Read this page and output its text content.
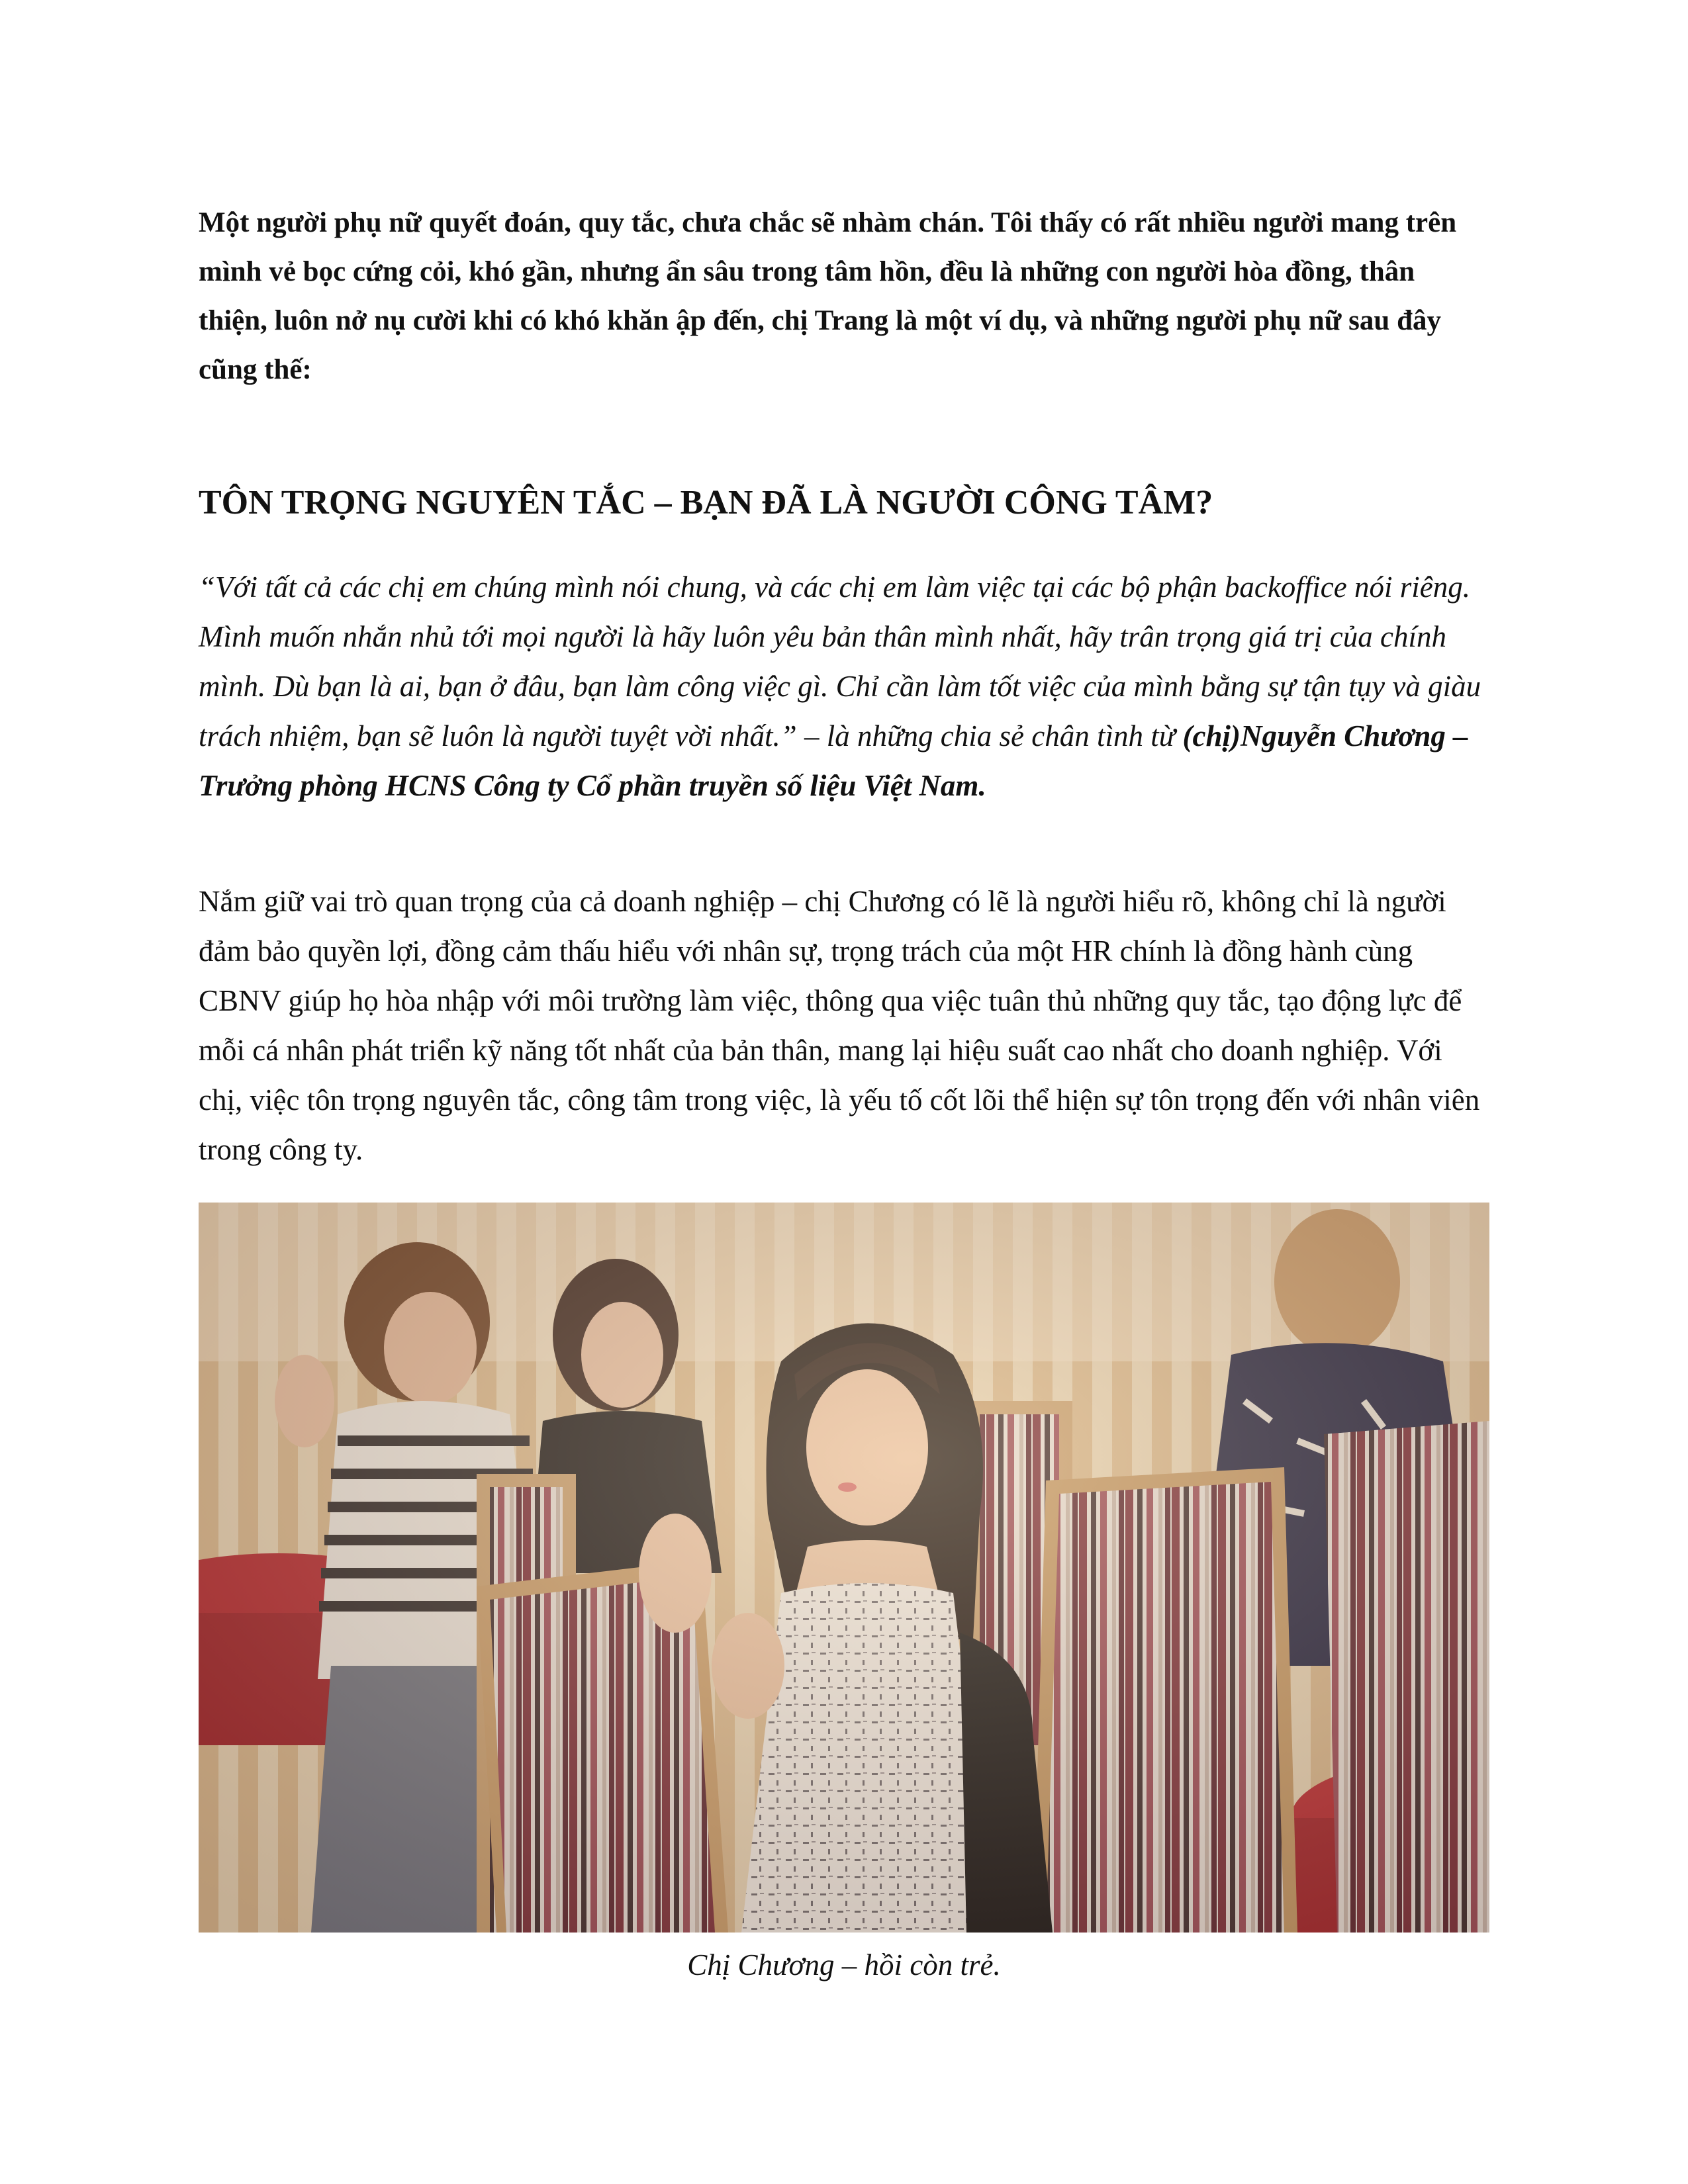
Một người phụ nữ quyết đoán, quy tắc, chưa chắc sẽ nhàm chán. Tôi thấy có rất nhiều người mang trên mình vẻ bọc cứng cỏi, khó gần, nhưng ẩn sâu trong tâm hồn, đều là những con người hòa đồng, thân thiện, luôn nở nụ cười khi có khó khăn ập đến, chị Trang là một ví dụ, và những người phụ nữ sau đây cũng thế:

TÔN TRỌNG NGUYÊN TẮC – BẠN ĐÃ LÀ NGƯỜI CÔNG TÂM?

“Với tất cả các chị em chúng mình nói chung, và các chị em làm việc tại các bộ phận backoffice nói riêng. Mình muốn nhắn nhủ tới mọi người là hãy luôn yêu bản thân mình nhất, hãy trân trọng giá trị của chính mình. Dù bạn là ai, bạn ở đâu, bạn làm công việc gì. Chỉ cần làm tốt việc của mình bằng sự tận tụy và giàu trách nhiệm, bạn sẽ luôn là người tuyệt vời nhất.” – là những chia sẻ chân tình từ (chị)Nguyễn Chương – Trưởng phòng HCNS Công ty Cổ phần truyền số liệu Việt Nam.

Nắm giữ vai trò quan trọng của cả doanh nghiệp – chị Chương có lẽ là người hiểu rõ, không chỉ là người đảm bảo quyền lợi, đồng cảm thấu hiểu với nhân sự, trọng trách của một HR chính là đồng hành cùng CBNV giúp họ hòa nhập với môi trường làm việc, thông qua việc tuân thủ những quy tắc, tạo động lực để mỗi cá nhân phát triển kỹ năng tốt nhất của bản thân, mang lại hiệu suất cao nhất cho doanh nghiệp. Với chị, việc tôn trọng nguyên tắc, công tâm trong việc, là yếu tố cốt lõi thể hiện sự tôn trọng đến với nhân viên trong công ty.

Chị Chương – hồi còn trẻ.
